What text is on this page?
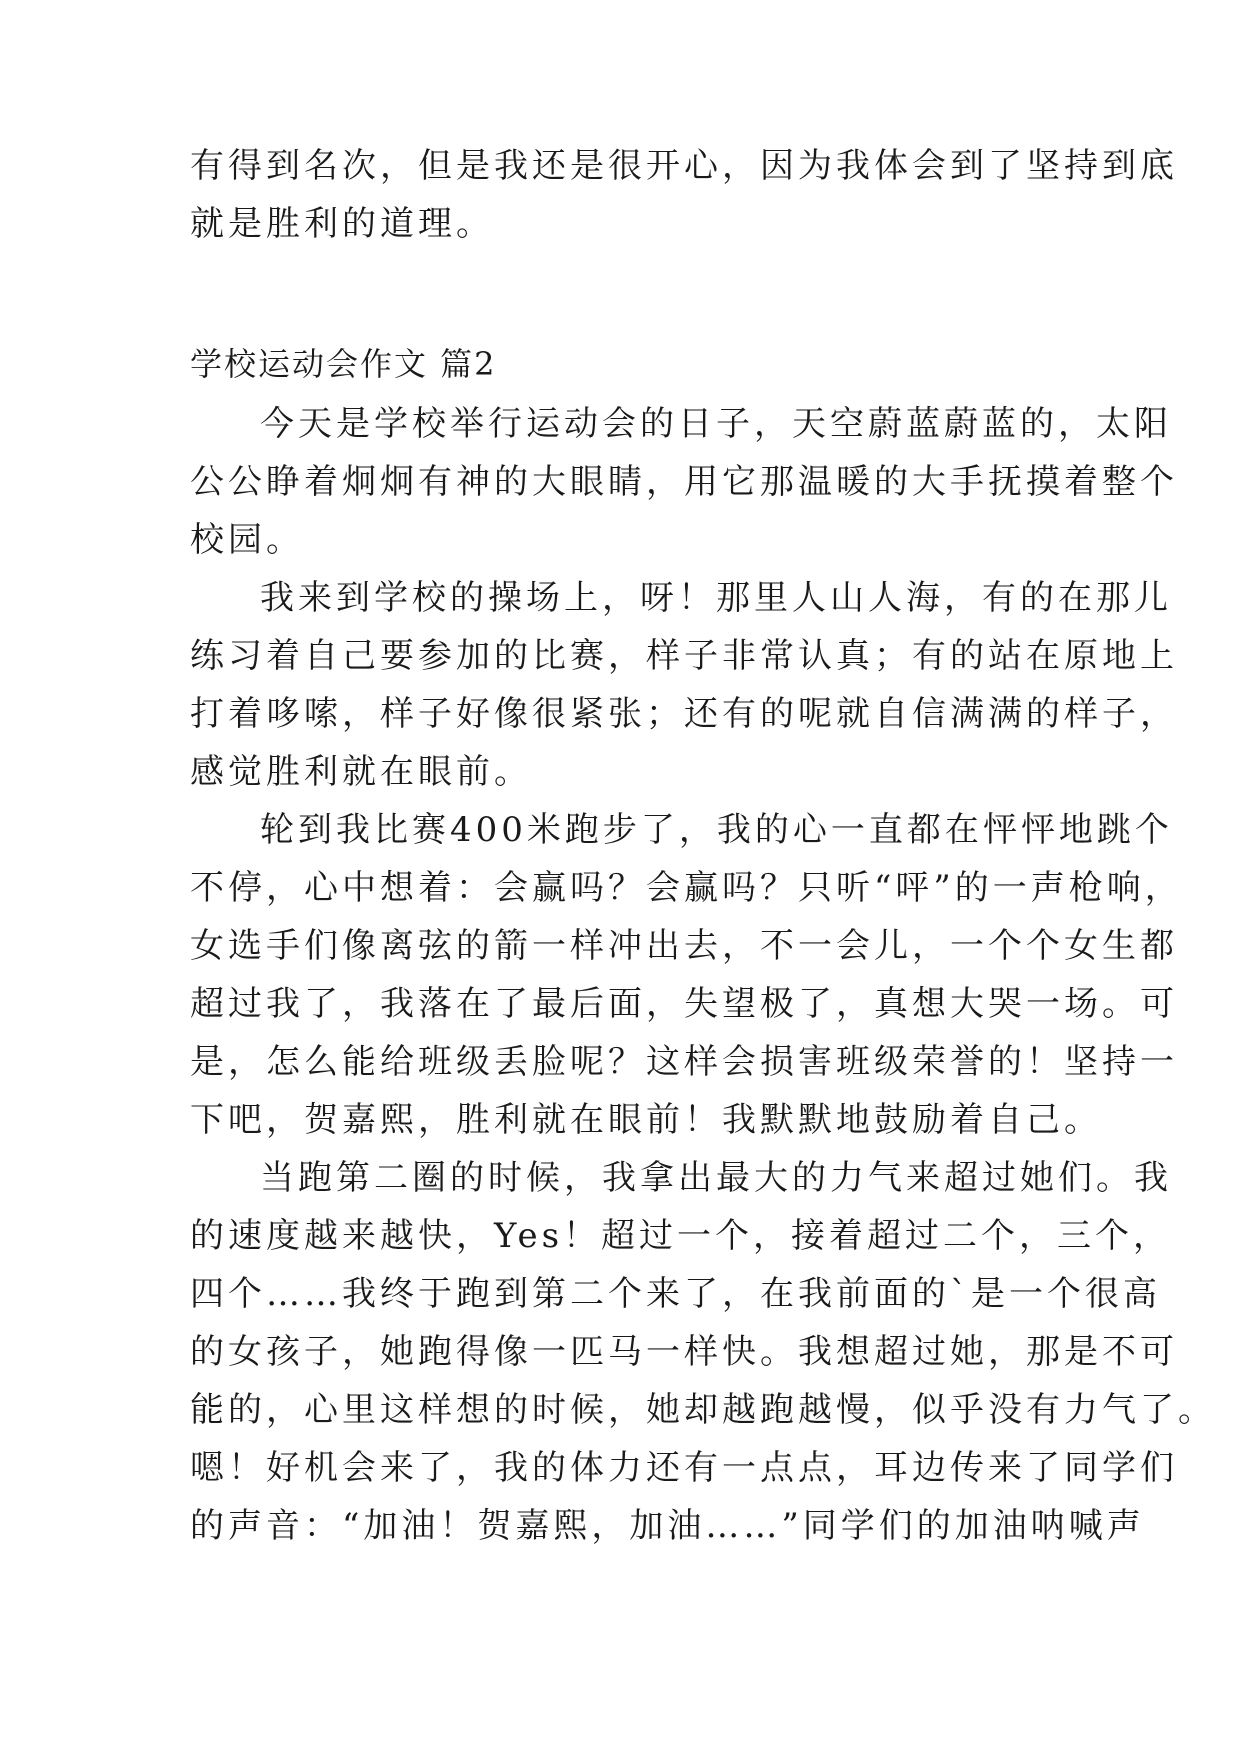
有得到名次，但是我还是很开心，因为我体会到了坚持到底
就是胜利的道理。
学校运动会作文 篇2
今天是学校举行运动会的日子，天空蔚蓝蔚蓝的，太阳
公公睁着炯炯有神的大眼睛，用它那温暖的大手抚摸着整个
校园。
我来到学校的操场上，呀！那里人山人海，有的在那儿
练习着自己要参加的比赛，样子非常认真；有的站在原地上
打着哆嗦，样子好像很紧张；还有的呢就自信满满的样子，
感觉胜利就在眼前。
轮到我比赛400米跑步了，我的心一直都在怦怦地跳个
不停，心中想着：会赢吗？会赢吗？只听“呯”的一声枪响，
女选手们像离弦的箭一样冲出去，不一会儿，一个个女生都
超过我了，我落在了最后面，失望极了，真想大哭一场。可
是，怎么能给班级丢脸呢？这样会损害班级荣誉的！坚持一
下吧，贺嘉熙，胜利就在眼前！我默默地鼓励着自己。
当跑第二圈的时候，我拿出最大的力气来超过她们。我
的速度越来越快，Yes！超过一个，接着超过二个，三个，
四个……我终于跑到第二个来了，在我前面的`是一个很高
的女孩子，她跑得像一匹马一样快。我想超过她，那是不可
能的，心里这样想的时候，她却越跑越慢，似乎没有力气了。
嗯！好机会来了，我的体力还有一点点，耳边传来了同学们
的声音：“加油！贺嘉熙，加油……”同学们的加油呐喊声
